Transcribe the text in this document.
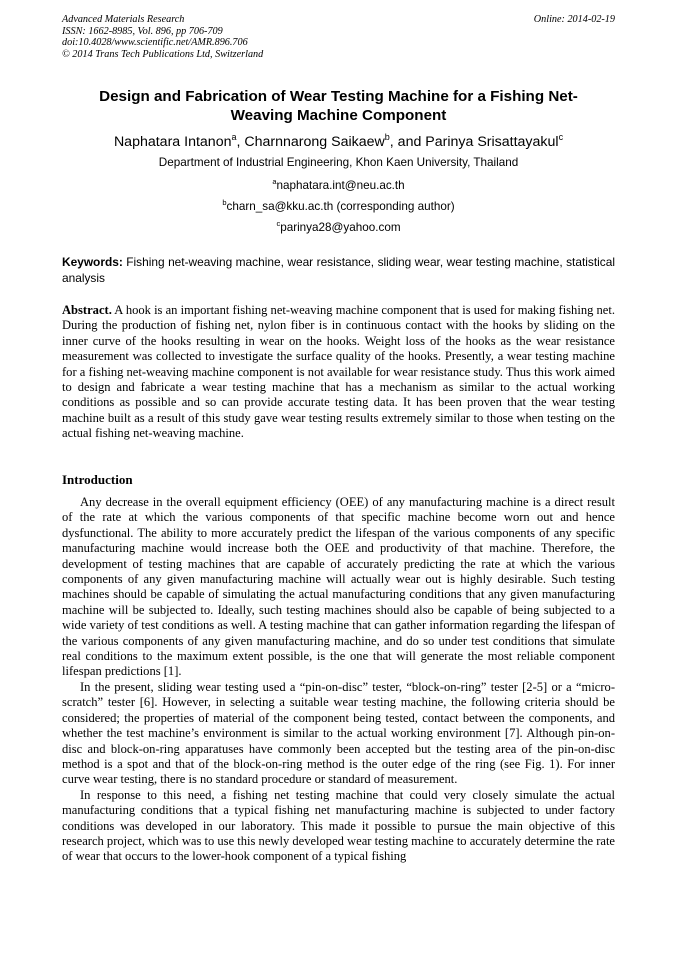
Advanced Materials Research
ISSN: 1662-8985, Vol. 896, pp 706-709
doi:10.4028/www.scientific.net/AMR.896.706
© 2014 Trans Tech Publications Ltd, Switzerland
Online: 2014-02-19
Design and Fabrication of Wear Testing Machine for a Fishing Net-
Weaving Machine Component
Naphatara Intanon$^a$, Charnnarong Saikaew$^b$, and Parinya Srisattayakul$^c$
Department of Industrial Engineering, Khon Kaen University, Thailand
$^a$naphatara.int@neu.ac.th
$^b$charn_sa@kku.ac.th (corresponding author)
$^c$parinya28@yahoo.com
Keywords: Fishing net-weaving machine, wear resistance, sliding wear, wear testing machine, statistical analysis

Abstract. A hook is an important fishing net-weaving machine component that is used for making fishing net. During the production of fishing net, nylon fiber is in continuous contact with the hooks by sliding on the inner curve of the hooks resulting in wear on the hooks. Weight loss of the hooks as the wear resistance measurement was collected to investigate the surface quality of the hooks. Presently, a wear testing machine for a fishing net-weaving machine component is not available for wear resistance study. Thus this work aimed to design and fabricate a wear testing machine that has a mechanism as similar to the actual working conditions as possible and so can provide accurate testing data. It has been proven that the wear testing machine built as a result of this study gave wear testing results extremely similar to those when testing on the actual fishing net-weaving machine.

Introduction

Any decrease in the overall equipment efficiency (OEE) of any manufacturing machine is a direct result of the rate at which the various components of that specific machine become worn out and hence dysfunctional. The ability to more accurately predict the lifespan of the various components of any specific manufacturing machine would increase both the OEE and productivity of that machine. Therefore, the development of testing machines that are capable of accurately predicting the rate at which the various components of any given manufacturing machine will actually wear out is highly desirable. Such testing machines should be capable of simulating the actual manufacturing conditions that any given manufacturing machine will be subjected to. Ideally, such testing machines should also be capable of being subjected to a wide variety of test conditions as well. A testing machine that can gather information regarding the lifespan of the various components of any given manufacturing machine, and do so under test conditions that simulate real conditions to the maximum extent possible, is the one that will generate the most reliable component lifespan predictions [1].

In the present, sliding wear testing used a “pin-on-disc” tester, “block-on-ring” tester [2-5] or a “micro-scratch” tester [6]. However, in selecting a suitable wear testing machine, the following criteria should be considered; the properties of material of the component being tested, contact between the components, and whether the test machine’s environment is similar to the actual working environment [7]. Although pin-on-disc and block-on-ring apparatuses have commonly been accepted but the testing area of the pin-on-disc method is a spot and that of the block-on-ring method is the outer edge of the ring (see Fig. 1). For inner curve wear testing, there is no standard procedure or standard of measurement.

In response to this need, a fishing net testing machine that could very closely simulate the actual manufacturing conditions that a typical fishing net manufacturing machine is subjected to under factory conditions was developed in our laboratory. This made it possible to pursue the main objective of this research project, which was to use this newly developed wear testing machine to accurately determine the rate of wear that occurs to the lower-hook component of a typical fishing
